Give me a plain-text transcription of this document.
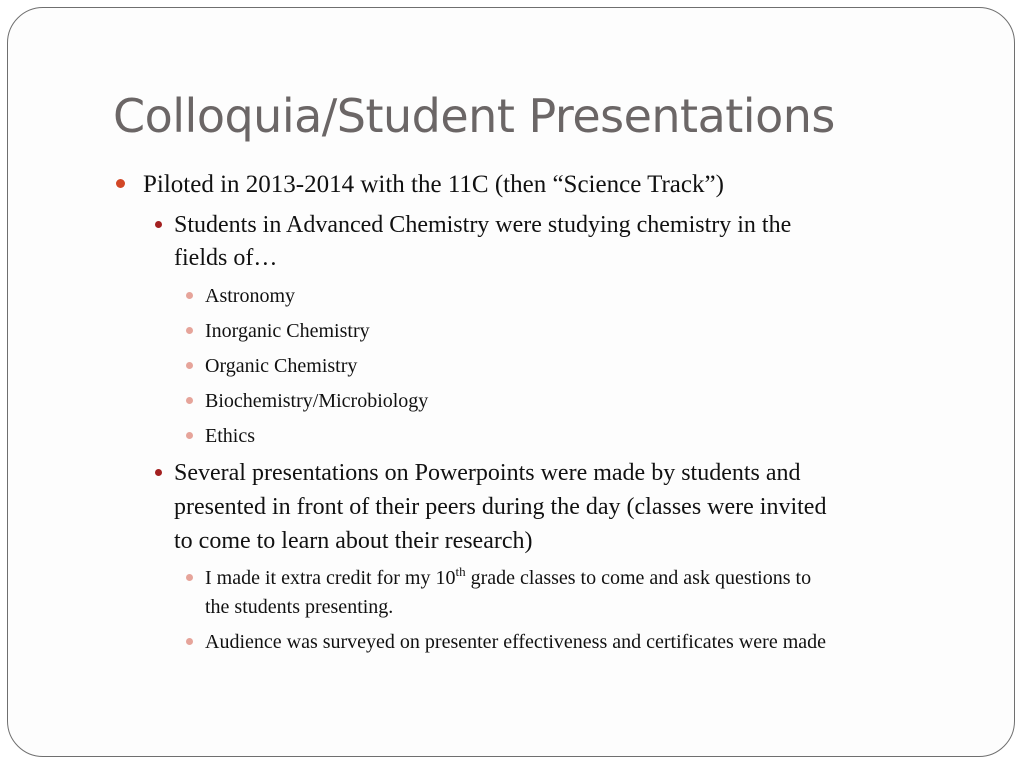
Colloquia/Student Presentations
Piloted in 2013-2014 with the 11C (then “Science Track”)
Students in Advanced Chemistry were studying chemistry in the
fields of…
Astronomy
Inorganic Chemistry
Organic Chemistry
Biochemistry/Microbiology
Ethics
Several presentations on Powerpoints were made by students and
presented in front of their peers during the day (classes were invited
to come to learn about their research)
I made it extra credit for my 10th grade classes to come and ask questions to
the students presenting.
Audience was surveyed on presenter effectiveness and certificates were made
